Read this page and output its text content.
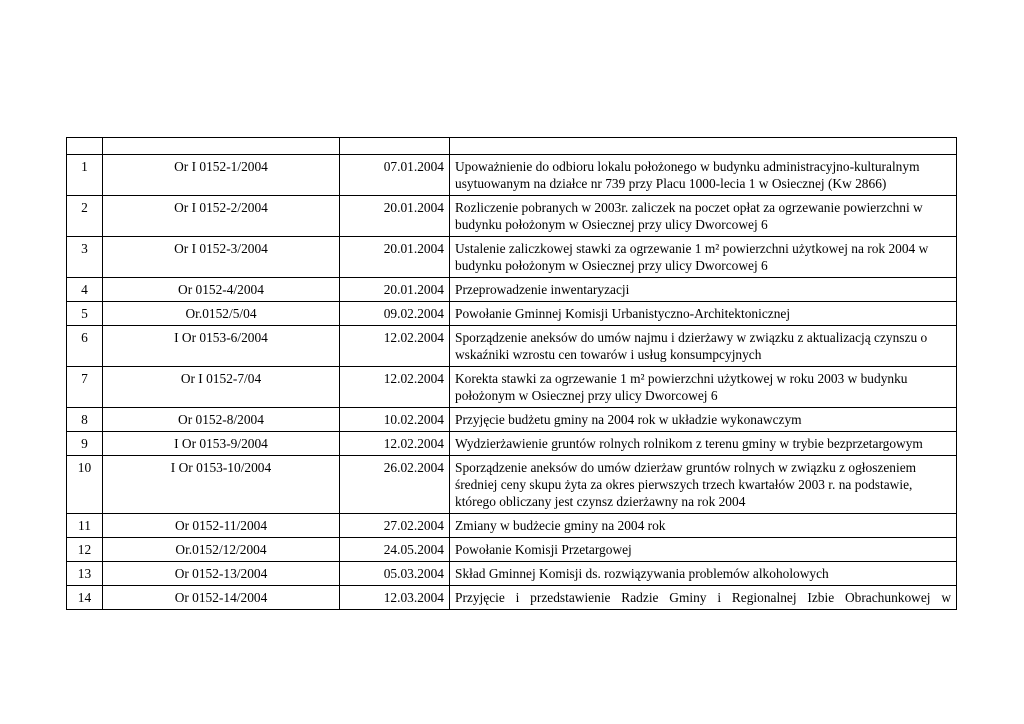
1	Or I 0152-1/2004	07.01.2004	Upoważnienie do odbioru lokalu położonego w budynku administracyjno-kulturalnym usytuowanym na działce nr 739 przy Placu 1000-lecia 1 w Osiecznej (Kw 2866)
2	Or I 0152-2/2004	20.01.2004	Rozliczenie pobranych w 2003r. zaliczek na poczet opłat za ogrzewanie powierzchni w budynku położonym w Osiecznej przy ulicy Dworcowej 6
3	Or I 0152-3/2004	20.01.2004	Ustalenie zaliczkowej stawki za ogrzewanie 1 m² powierzchni użytkowej na rok 2004 w budynku położonym w Osiecznej przy ulicy Dworcowej 6
4	Or 0152-4/2004	20.01.2004	Przeprowadzenie inwentaryzacji
5	Or.0152/5/04	09.02.2004	Powołanie Gminnej Komisji Urbanistyczno-Architektonicznej
6	I Or 0153-6/2004	12.02.2004	Sporządzenie aneksów do umów najmu i dzierżawy w związku z aktualizacją czynszu o wskaźniki wzrostu cen towarów i usług konsumpcyjnych
7	Or I 0152-7/04	12.02.2004	Korekta stawki za ogrzewanie 1 m² powierzchni użytkowej w roku 2003 w budynku położonym w Osiecznej przy ulicy Dworcowej 6
8	Or 0152-8/2004	10.02.2004	Przyjęcie budżetu gminy na 2004 rok w układzie wykonawczym
9	I Or 0153-9/2004	12.02.2004	Wydzierżawienie gruntów rolnych rolnikom z terenu gminy w trybie bezprzetargowym
10	I Or 0153-10/2004	26.02.2004	Sporządzenie aneksów do umów dzierżaw gruntów rolnych w związku z ogłoszeniem średniej ceny skupu żyta za okres pierwszych trzech kwartałów 2003 r. na podstawie, którego obliczany jest czynsz dzierżawny na rok 2004
11	Or 0152-11/2004	27.02.2004	Zmiany w budżecie gminy na 2004 rok
12	Or.0152/12/2004	24.05.2004	Powołanie Komisji Przetargowej
13	Or 0152-13/2004	05.03.2004	Skład Gminnej Komisji ds. rozwiązywania problemów alkoholowych
14	Or 0152-14/2004	12.03.2004	Przyjęcie i przedstawienie Radzie Gminy i Regionalnej Izbie Obrachunkowej w
